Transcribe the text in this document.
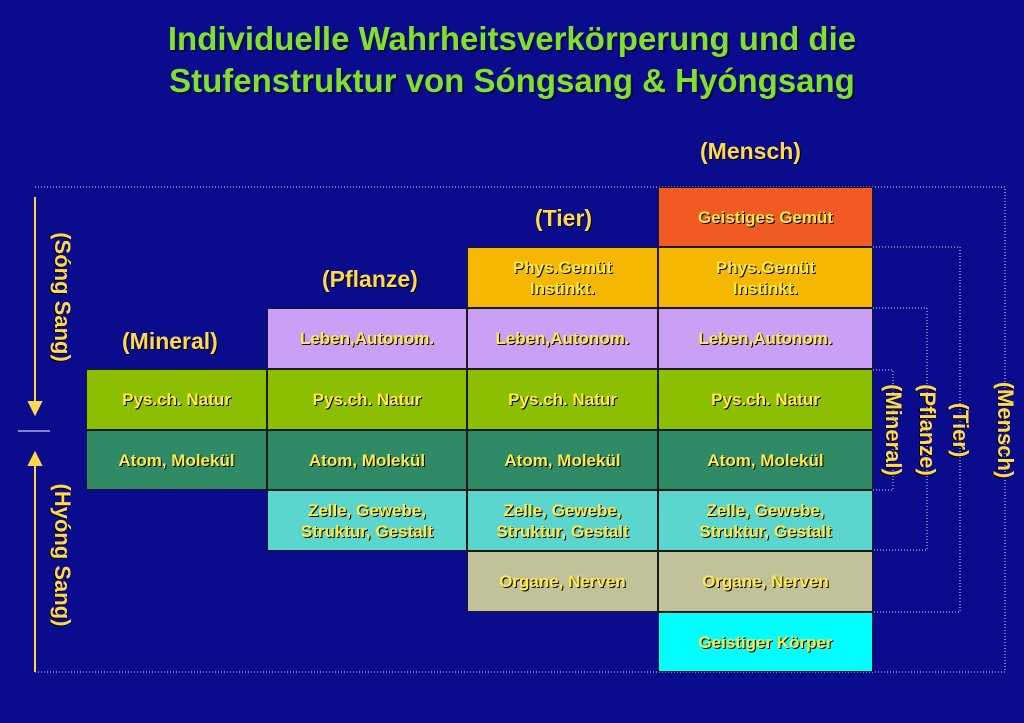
Individuelle Wahrheitsverkörperung und die
Stufenstruktur von Sóngsang & Hyóngsang
(Mensch)
(Tier)
(Pflanze)
(Mineral)
(Sóng Sang)
(Hyóng Sang)
(Mineral) (Pflanze) (Tier) (Mensch)
Pys.ch. Natur
Atom, Molekül
Leben,Autonom.
Pys.ch. Natur
Atom, Molekül
Zelle, Gewebe,
Struktur, Gestalt
Phys.Gemüt
Instinkt.
Leben,Autonom.
Pys.ch. Natur
Atom, Molekül
Zelle, Gewebe,
Struktur, Gestalt
Organe, Nerven
Geistiges Gemüt
Phys.Gemüt
Instinkt.
Leben,Autonom.
Pys.ch. Natur
Atom, Molekül
Zelle, Gewebe,
Struktur, Gestalt
Organe, Nerven
Geistiger Körper
